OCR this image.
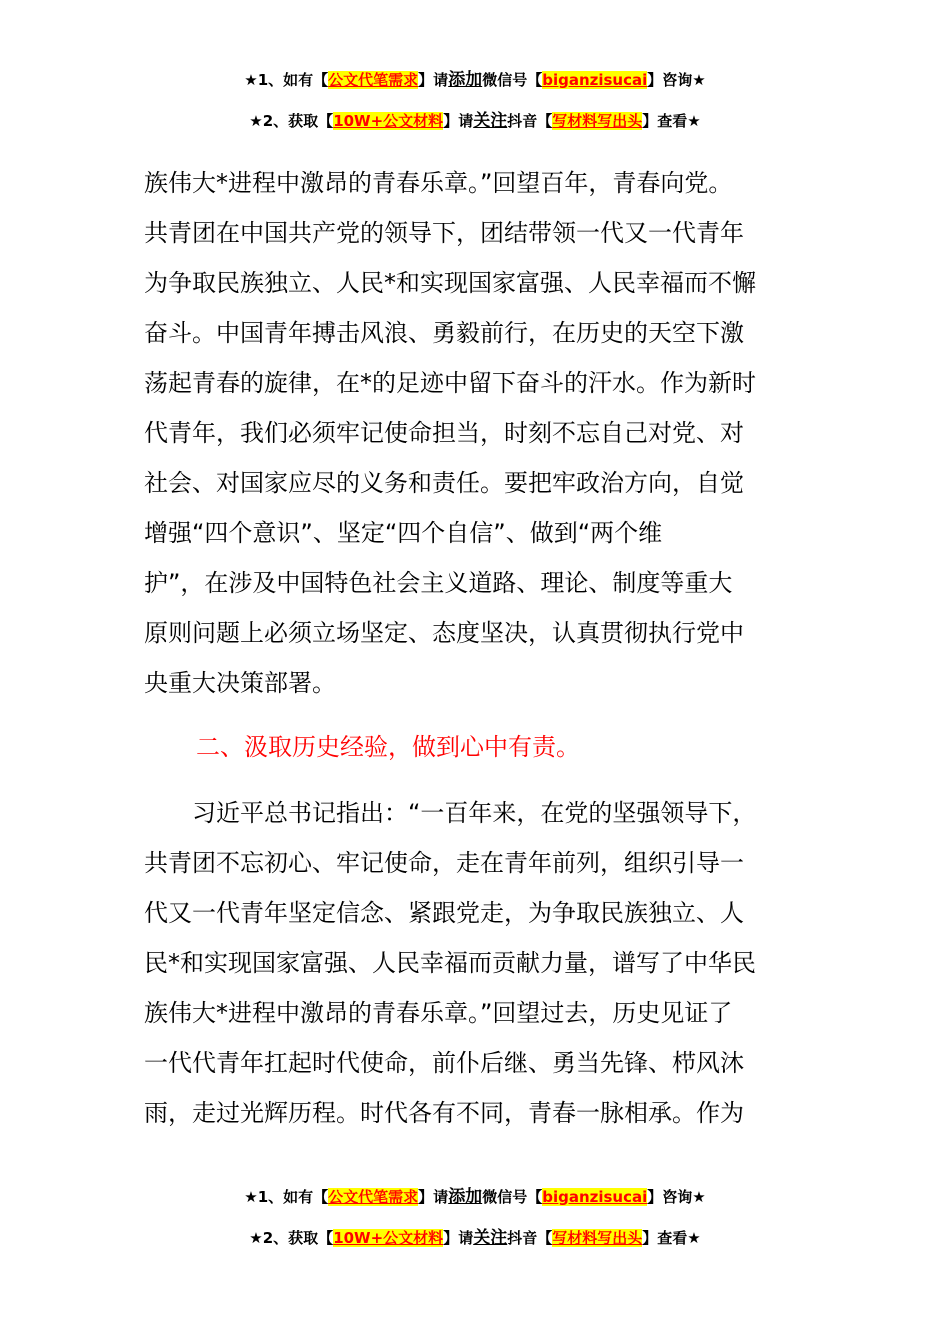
★1、如有【公文代笔需求】请添加微信号【biganzisucai】咨询★
★2、获取【10W+公文材料】请关注抖音【写材料写出头】查看★
族伟大*进程中激昂的青春乐章。”回望百年，青春向党。
共青团在中国共产党的领导下，团结带领一代又一代青年
为争取民族独立、人民*和实现国家富强、人民幸福而不懈
奋斗。中国青年搏击风浪、勇毅前行，在历史的天空下激
荡起青春的旋律，在*的足迹中留下奋斗的汗水。作为新时
代青年，我们必须牢记使命担当，时刻不忘自己对党、对
社会、对国家应尽的义务和责任。要把牢政治方向，自觉
增强“四个意识”、坚定“四个自信”、做到“两个维
护”，在涉及中国特色社会主义道路、理论、制度等重大
原则问题上必须立场坚定、态度坚决，认真贯彻执行党中
央重大决策部署。
二、汲取历史经验，做到心中有责。
　　习近平总书记指出：“一百年来，在党的坚强领导下，
共青团不忘初心、牢记使命，走在青年前列，组织引导一
代又一代青年坚定信念、紧跟党走，为争取民族独立、人
民*和实现国家富强、人民幸福而贡献力量，谱写了中华民
族伟大*进程中激昂的青春乐章。”回望过去，历史见证了
一代代青年扛起时代使命，前仆后继、勇当先锋、栉风沐
雨，走过光辉历程。时代各有不同，青春一脉相承。作为
★1、如有【公文代笔需求】请添加微信号【biganzisucai】咨询★
★2、获取【10W+公文材料】请关注抖音【写材料写出头】查看★
